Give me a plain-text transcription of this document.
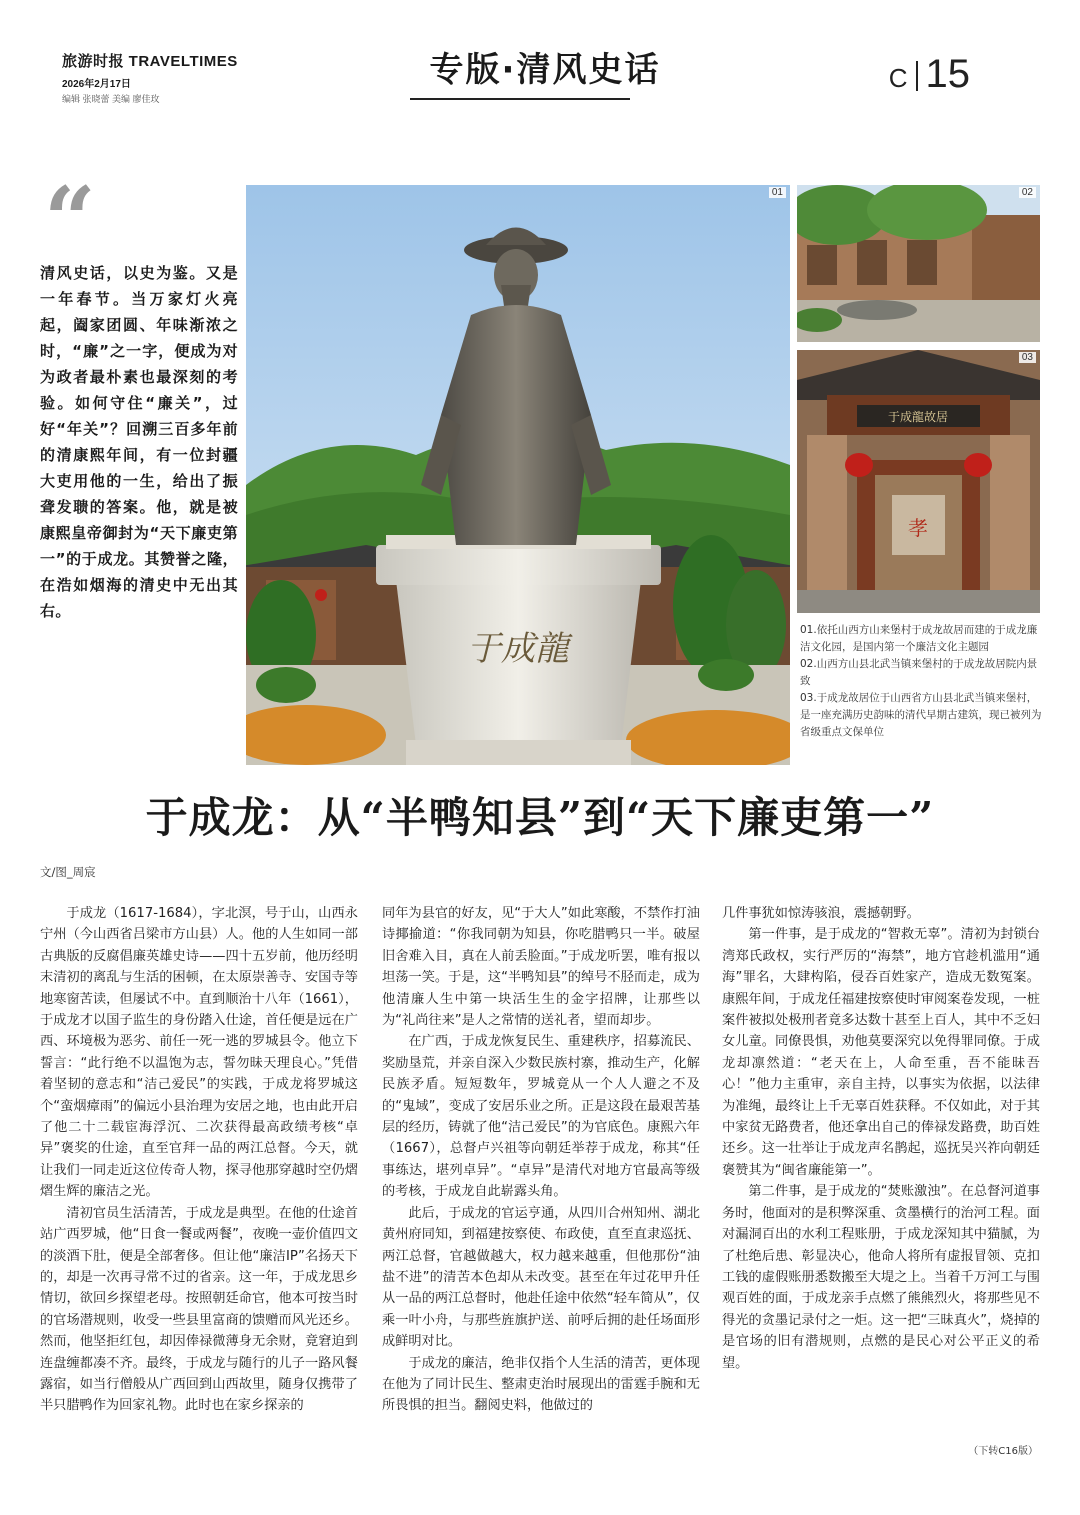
旅游时报 TRAVELTIMES
2026年2月17日
编辑 张晓蕾 美编 廖佳玫
专版·清风史话	C 15
“
清风史话，以史为鉴。又是一年春节。当万家灯火亮起，阖家团圆、年味渐浓之时，“廉”之一字，便成为对为政者最朴素也最深刻的考验。如何守住“廉关”，过好“年关”？回溯三百多年前的清康熙年间，有一位封疆大吏用他的一生，给出了振聋发聩的答案。他，就是被康熙皇帝御封为“天下廉吏第一”的于成龙。其赞誉之隆，在浩如烟海的清史中无出其右。
于成龍
01	02
于成龍故居
孝
03

01.依托山西方山来堡村于成龙故居而建的于成龙廉洁文化园，是国内第一个廉洁文化主题园

02.山西方山县北武当镇来堡村的于成龙故居院内景致

03.于成龙故居位于山西省方山县北武当镇来堡村，是一座充满历史韵味的清代早期古建筑，现已被列为省级重点文保单位

于成龙：从“半鸭知县”到“天下廉吏第一”
文/图_周宸

于成龙（1617-1684），字北溟，号于山，山西永宁州（今山西省吕梁市方山县）人。他的人生如同一部古典版的反腐倡廉英雄史诗——四十五岁前，他历经明末清初的离乱与生活的困顿，在太原崇善寺、安国寺等地寒窗苦读，但屡试不中。直到顺治十八年（1661），于成龙才以国子监生的身份踏入仕途，首任便是远在广西、环境极为恶劣、前任一死一逃的罗城县令。他立下誓言：“此行绝不以温饱为志，誓勿昧天理良心。”凭借着坚韧的意志和“洁己爱民”的实践，于成龙将罗城这个“蛮烟瘴雨”的偏远小县治理为安居之地，也由此开启了他二十二载宦海浮沉、二次获得最高政绩考核“卓异”褒奖的仕途，直至官拜一品的两江总督。今天，就让我们一同走近这位传奇人物，探寻他那穿越时空仍熠熠生辉的廉洁之光。

清初官员生活清苦，于成龙是典型。在他的仕途首站广西罗城，他“日食一餐或两餐”，夜晚一壶价值四文的淡酒下肚，便是全部奢侈。但让他“廉洁IP”名扬天下的，却是一次再寻常不过的省亲。这一年，于成龙思乡情切，欲回乡探望老母。按照朝廷命官，他本可按当时的官场潜规则，收受一些县里富商的馈赠而风光还乡。然而，他坚拒红包，却因俸禄微薄身无余财，竟窘迫到连盘缠都凑不齐。最终，于成龙与随行的儿子一路风餐露宿，如当行僧般从广西回到山西故里，随身仅携带了半只腊鸭作为回家礼物。此时也在家乡探亲的

同年为县官的好友，见“于大人”如此寒酸，不禁作打油诗揶揄道：“你我同朝为知县，你吃腊鸭只一半。破屋旧舍难入目，真在人前丢脸面。”于成龙听罢，唯有报以坦荡一笑。于是，这“半鸭知县”的绰号不胫而走，成为他清廉人生中第一块活生生的金字招牌，让那些以为“礼尚往来”是人之常情的送礼者，望而却步。

在广西，于成龙恢复民生、重建秩序，招募流民、奖励垦荒，并亲自深入少数民族村寨，推动生产，化解民族矛盾。短短数年，罗城竟从一个人人避之不及的“鬼域”，变成了安居乐业之所。正是这段在最艰苦基层的经历，铸就了他“洁己爱民”的为官底色。康熙六年（1667），总督卢兴祖等向朝廷举荐于成龙，称其“任事练达，堪列卓异”。“卓异”是清代对地方官最高等级的考核，于成龙自此崭露头角。

此后，于成龙的官运亨通，从四川合州知州、湖北黄州府同知，到福建按察使、布政使，直至直隶巡抚、两江总督，官越做越大，权力越来越重，但他那份“油盐不进”的清苦本色却从未改变。甚至在年过花甲升任从一品的两江总督时，他赴任途中依然“轻车简从”，仅乘一叶小舟，与那些旌旗护送、前呼后拥的赴任场面形成鲜明对比。

于成龙的廉洁，绝非仅指个人生活的清苦，更体现在他为了同计民生、整肃吏治时展现出的雷霆手腕和无所畏惧的担当。翻阅史料，他做过的

几件事犹如惊涛骇浪，震撼朝野。

第一件事，是于成龙的“智救无辜”。清初为封锁台湾郑氏政权，实行严厉的“海禁”，地方官趁机滥用“通海”罪名，大肆构陷，侵吞百姓家产，造成无数冤案。康熙年间，于成龙任福建按察使时审阅案卷发现，一桩案件被拟处极刑者竟多达数十甚至上百人，其中不乏妇女儿童。同僚畏惧，劝他莫要深究以免得罪同僚。于成龙却凛然道：“老天在上，人命至重，吾不能昧吾心！”他力主重审，亲自主持，以事实为依据，以法律为准绳，最终让上千无辜百姓获释。不仅如此，对于其中家贫无路费者，他还拿出自己的俸禄发路费，助百姓还乡。这一壮举让于成龙声名鹊起，巡抚吴兴祚向朝廷褒赞其为“闽省廉能第一”。

第二件事，是于成龙的“焚账激浊”。在总督河道事务时，他面对的是积弊深重、贪墨横行的治河工程。面对漏洞百出的水利工程账册，于成龙深知其中猫腻，为了杜绝后患、彰显决心，他命人将所有虚报冒领、克扣工钱的虚假账册悉数搬至大堤之上。当着千万河工与围观百姓的面，于成龙亲手点燃了熊熊烈火，将那些见不得光的贪墨记录付之一炬。这一把“三昧真火”，烧掉的是官场的旧有潜规则，点燃的是民心对公平正义的希望。

（下转C16版）
